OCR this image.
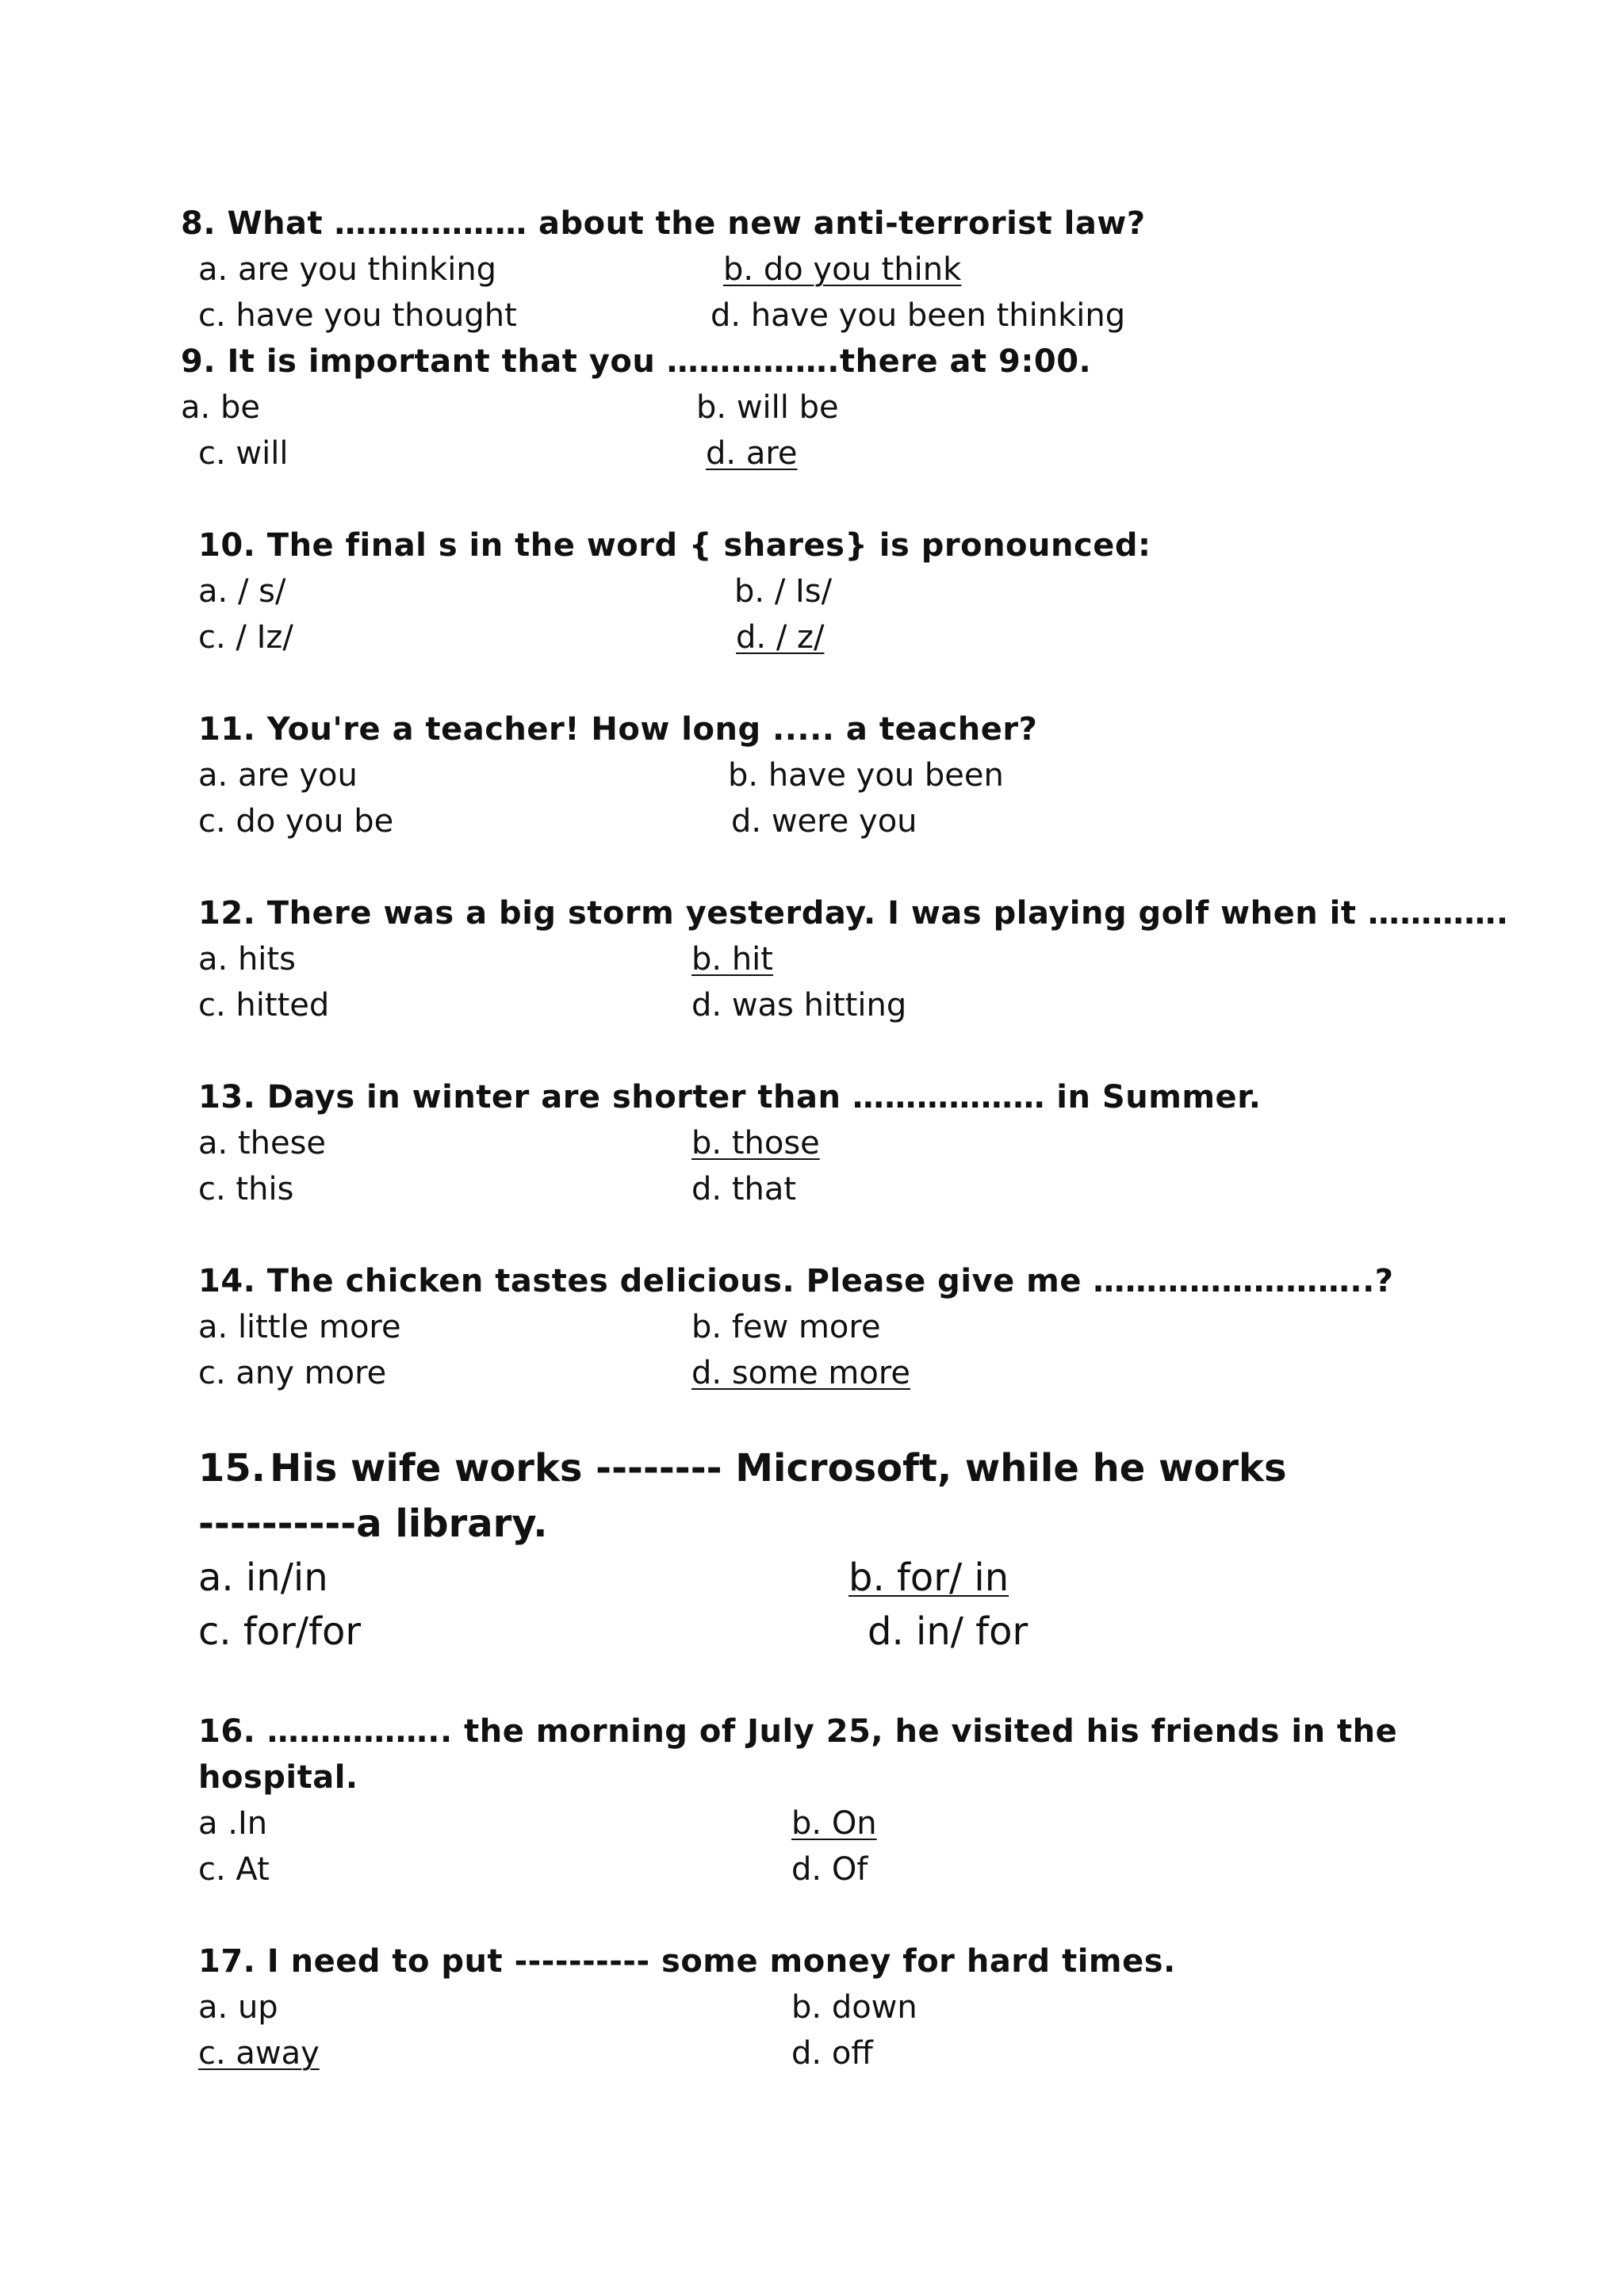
8. What ……………… about the new anti-terrorist law?
a. are you thinking	b. do you think
c. have you thought	d. have you been thinking
9. It is important that you …………….there at 9:00.
a. be	b. will be
c. will	d. are
10. The final s in the word { shares} is pronounced:
a. / s/	b. / Is/
c. / Iz/	d. / z/
11. You're a teacher! How long ..... a teacher?
a. are you	b. have you been
c. do you be	d. were you
12. There was a big storm yesterday. I was playing golf when it ………….
a. hits	b. hit
c. hitted	d. was hitting
13. Days in winter are shorter than ……………… in Summer.
a. these	b. those
c. this	d. that
14. The chicken tastes delicious. Please give me ……………………..?
a. little more	b. few more
c. any more	d. some more
15. His wife works -------- Microsoft, while he works
----------a library.
a. in/in	b. for/ in
c. for/for	d. in/ for
16. …………….. the morning of July 25, he visited his friends in the
hospital.
a .In	b. On
c. At	d. Of
17. I need to put ---------- some money for hard times.
a. up	b. down
c. away	d. off
